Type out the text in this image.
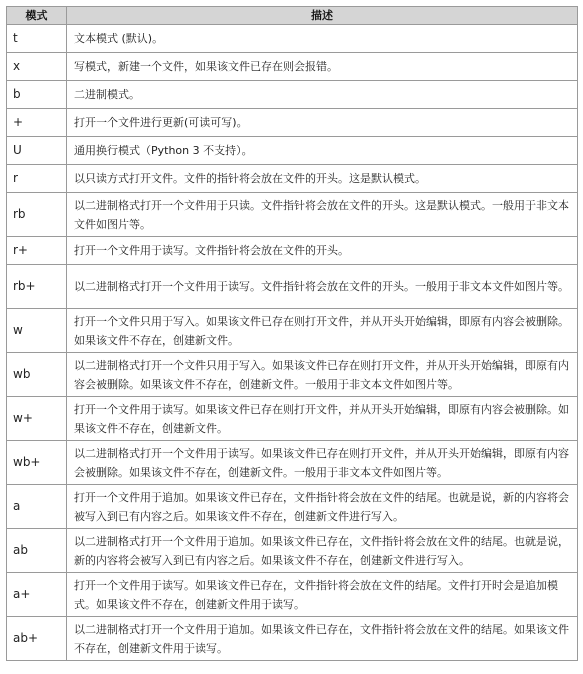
模式	描述
t	文本模式 (默认)。
x	写模式，新建一个文件，如果该文件已存在则会报错。
b	二进制模式。
+	打开一个文件进行更新(可读可写)。
U	通用换行模式（Python 3 不支持）。
r	以只读方式打开文件。文件的指针将会放在文件的开头。这是默认模式。
rb	以二进制格式打开一个文件用于只读。文件指针将会放在文件的开头。这是默认模式。一般用于非文本文件如图片等。
r+	打开一个文件用于读写。文件指针将会放在文件的开头。
rb+	以二进制格式打开一个文件用于读写。文件指针将会放在文件的开头。一般用于非文本文件如图片等。
w	打开一个文件只用于写入。如果该文件已存在则打开文件，并从开头开始编辑，即原有内容会被删除。如果该文件不存在，创建新文件。
wb	以二进制格式打开一个文件只用于写入。如果该文件已存在则打开文件，并从开头开始编辑，即原有内容会被删除。如果该文件不存在，创建新文件。一般用于非文本文件如图片等。
w+	打开一个文件用于读写。如果该文件已存在则打开文件，并从开头开始编辑，即原有内容会被删除。如果该文件不存在，创建新文件。
wb+	以二进制格式打开一个文件用于读写。如果该文件已存在则打开文件，并从开头开始编辑，即原有内容会被删除。如果该文件不存在，创建新文件。一般用于非文本文件如图片等。
a	打开一个文件用于追加。如果该文件已存在，文件指针将会放在文件的结尾。也就是说，新的内容将会被写入到已有内容之后。如果该文件不存在，创建新文件进行写入。
ab	以二进制格式打开一个文件用于追加。如果该文件已存在，文件指针将会放在文件的结尾。也就是说，新的内容将会被写入到已有内容之后。如果该文件不存在，创建新文件进行写入。
a+	打开一个文件用于读写。如果该文件已存在，文件指针将会放在文件的结尾。文件打开时会是追加模式。如果该文件不存在，创建新文件用于读写。
ab+	以二进制格式打开一个文件用于追加。如果该文件已存在，文件指针将会放在文件的结尾。如果该文件不存在，创建新文件用于读写。
